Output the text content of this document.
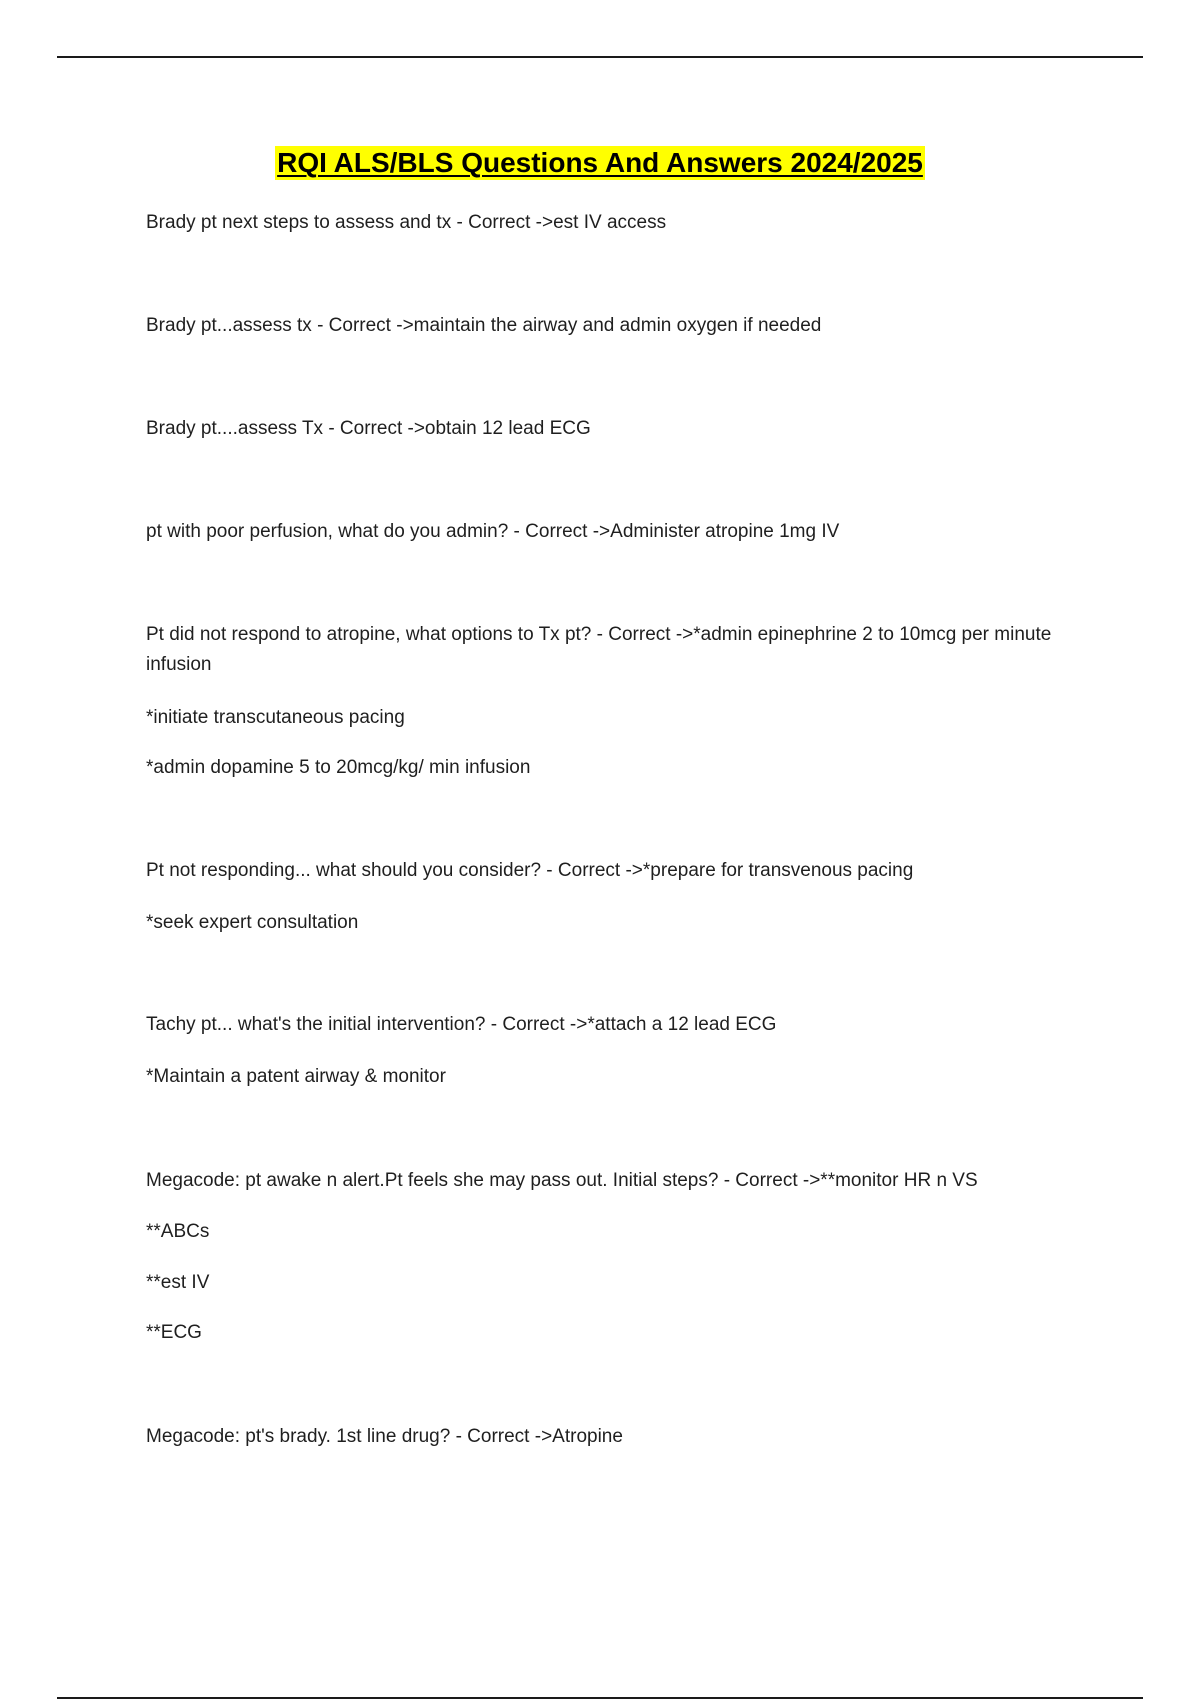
RQI ALS/BLS Questions And Answers 2024/2025
Brady pt next steps to assess and tx - Correct ->est IV access
Brady pt...assess tx - Correct ->maintain the airway and admin oxygen if needed
Brady pt....assess Tx - Correct ->obtain 12 lead ECG
pt with poor perfusion, what do you admin? - Correct ->Administer atropine 1mg IV
Pt did not respond to atropine, what options to Tx pt? - Correct ->*admin epinephrine 2 to 10mcg per minute infusion
*initiate transcutaneous pacing
*admin dopamine 5 to 20mcg/kg/ min infusion
Pt not responding... what should you consider? - Correct ->*prepare for transvenous pacing
*seek expert consultation
Tachy pt... what's the initial intervention? - Correct ->*attach a 12 lead ECG
*Maintain a patent airway & monitor
Megacode: pt awake n alert.Pt feels she may pass out. Initial steps? - Correct ->**monitor HR n VS
**ABCs
**est IV
**ECG
Megacode: pt's brady. 1st line drug? - Correct ->Atropine
